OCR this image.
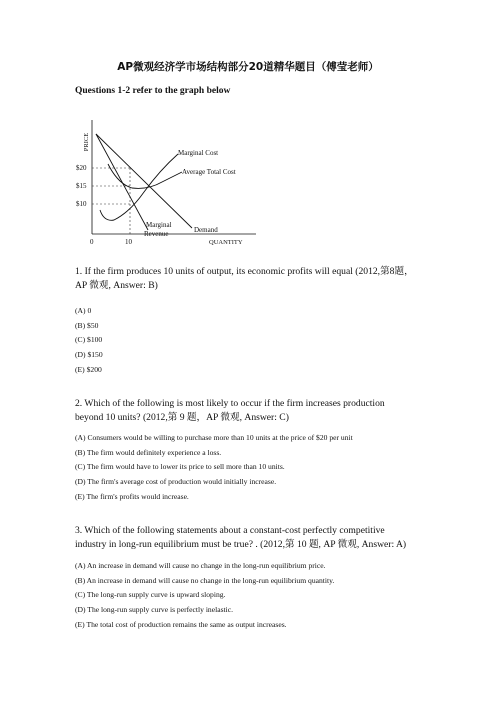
AP微观经济学市场结构部分20道精华题目（傅莹老师）
Questions 1-2 refer to the graph below
PRICE
$20
$15
$10
Marginal Cost
Average Total Cost
Marginal
Revenue	Demand
0	10	QUANTITY
1. If the firm produces 10 units of output, its economic profits will equal (2012,第8题，
AP 微观, Answer: B)
(A) 0
(B) $50
(C) $100
(D) $150
(E) $200
2. Which of the following is most likely to occur if the firm increases production
beyond 10 units? (2012,第 9 题，AP 微观, Answer: C)
(A) Consumers would be willing to purchase more than 10 units at the price of $20 per unit
(B) The firm would definitely experience a loss.
(C) The firm would have to lower its price to sell more than 10 units.
(D) The firm's average cost of production would initially increase.
(E) The firm's profits would increase.
3. Which of the following statements about a constant-cost perfectly competitive
industry in long-run equilibrium must be true? . (2012,第 10 题, AP 微观, Answer: A)
(A) An increase in demand will cause no change in the long-run equilibrium price.
(B) An increase in demand will cause no change in the long-run equilibrium quantity.
(C) The long-run supply curve is upward sloping.
(D) The long-run supply curve is perfectly inelastic.
(E) The total cost of production remains the same as output increases.
